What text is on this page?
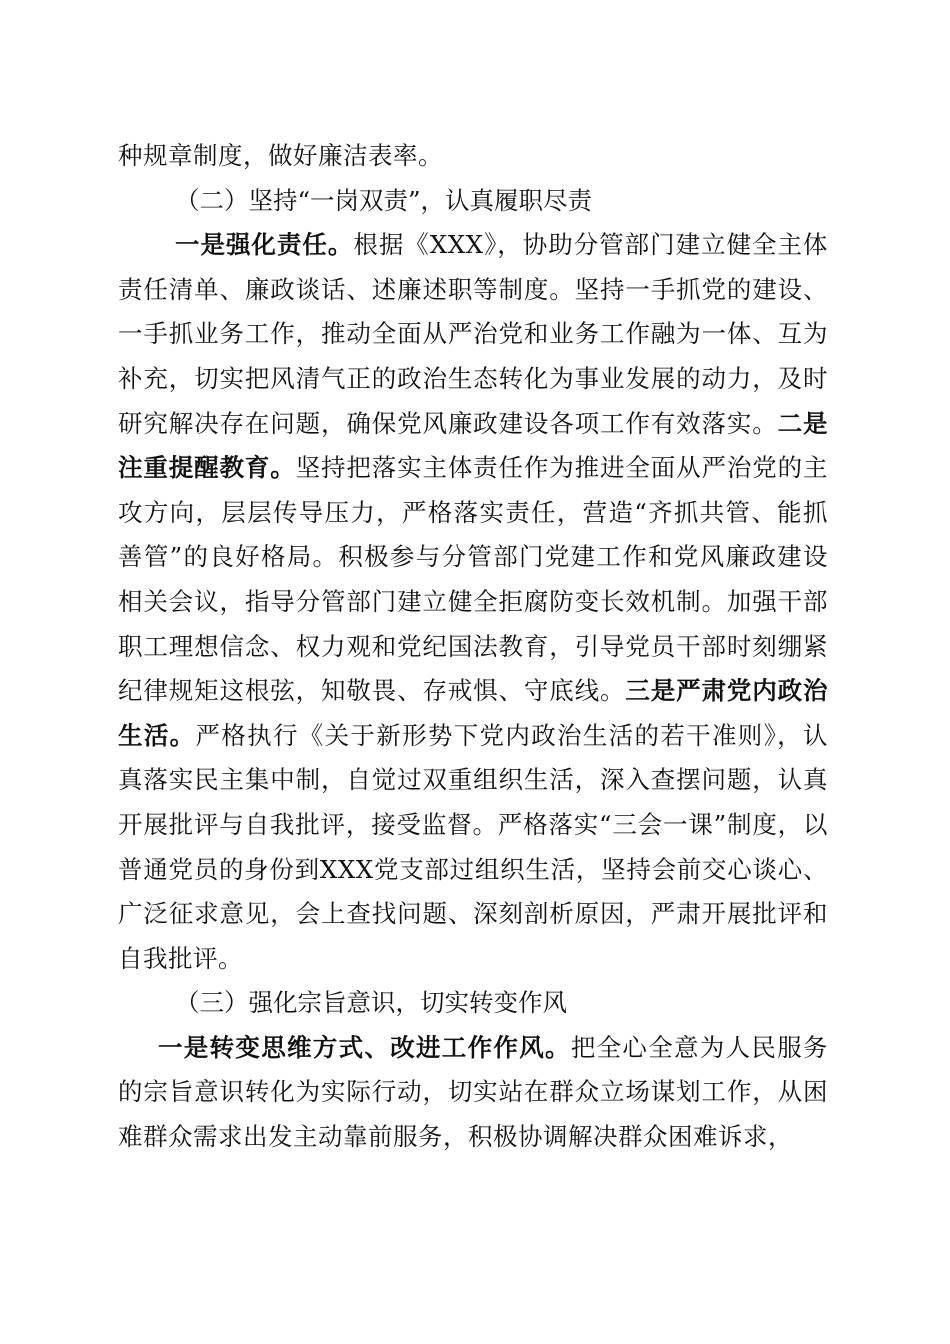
种规章制度，做好廉洁表率。

（二）坚持“一岗双责”，认真履职尽责

一是强化责任。根据《XXX》，协助分管部门建立健全主体责任清单、廉政谈话、述廉述职等制度。坚持一手抓党的建设、一手抓业务工作，推动全面从严治党和业务工作融为一体、互为补充，切实把风清气正的政治生态转化为事业发展的动力，及时研究解决存在问题，确保党风廉政建设各项工作有效落实。二是注重提醒教育。坚持把落实主体责任作为推进全面从严治党的主攻方向，层层传导压力，严格落实责任，营造“齐抓共管、能抓善管”的良好格局。积极参与分管部门党建工作和党风廉政建设相关会议，指导分管部门建立健全拒腐防变长效机制。加强干部职工理想信念、权力观和党纪国法教育，引导党员干部时刻绷紧纪律规矩这根弦，知敬畏、存戒惧、守底线。三是严肃党内政治生活。严格执行《关于新形势下党内政治生活的若干准则》，认真落实民主集中制，自觉过双重组织生活，深入查摆问题，认真开展批评与自我批评，接受监督。严格落实“三会一课”制度，以普通党员的身份到XXX党支部过组织生活，坚持会前交心谈心、广泛征求意见，会上查找问题、深刻剖析原因，严肃开展批评和自我批评。

（三）强化宗旨意识，切实转变作风

一是转变思维方式、改进工作作风。把全心全意为人民服务的宗旨意识转化为实际行动，切实站在群众立场谋划工作，从困难群众需求出发主动靠前服务，积极协调解决群众困难诉求，
